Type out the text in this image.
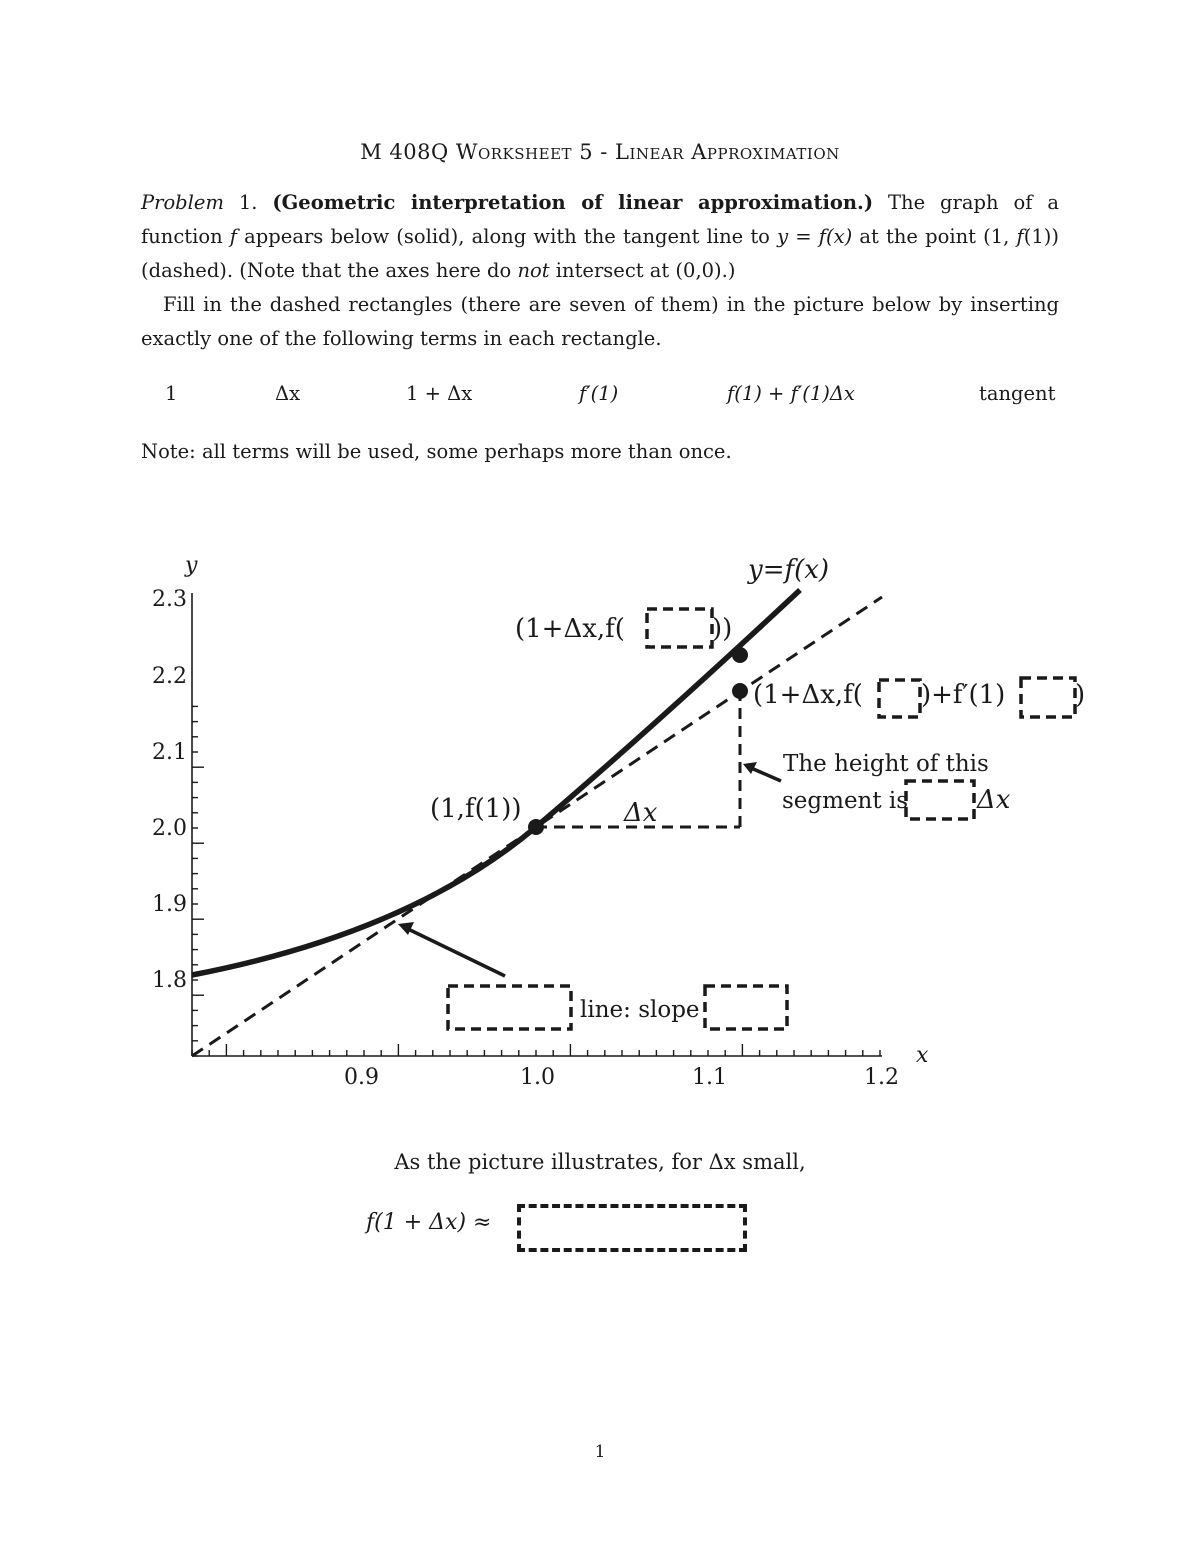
M 408Q Worksheet 5 - Linear Approximation
Problem 1. (Geometric interpretation of linear approximation.) The graph of a function f appears below (solid), along with the tangent line to y = f(x) at the point (1, f(1)) (dashed). (Note that the axes here do not intersect at (0,0).)
Fill in the dashed rectangles (there are seven of them) in the picture below by inserting exactly one of the following terms in each rectangle.
1	Δx	1 + Δx	f′(1)	f(1) + f′(1)Δx	tangent
Note: all terms will be used, some perhaps more than once.
y
x
2.3
2.2
2.1
2.0
1.9
1.8
0.9	1.0	1.1	1.2
y=f(x)
(1,f(1))	Δx
(1+Δx,f(	))
(1+Δx,f( )+f′(1)	)
The height of this
segment is	Δx
line: slope
As the picture illustrates, for Δx small,
f(1 + Δx) ≈
1
